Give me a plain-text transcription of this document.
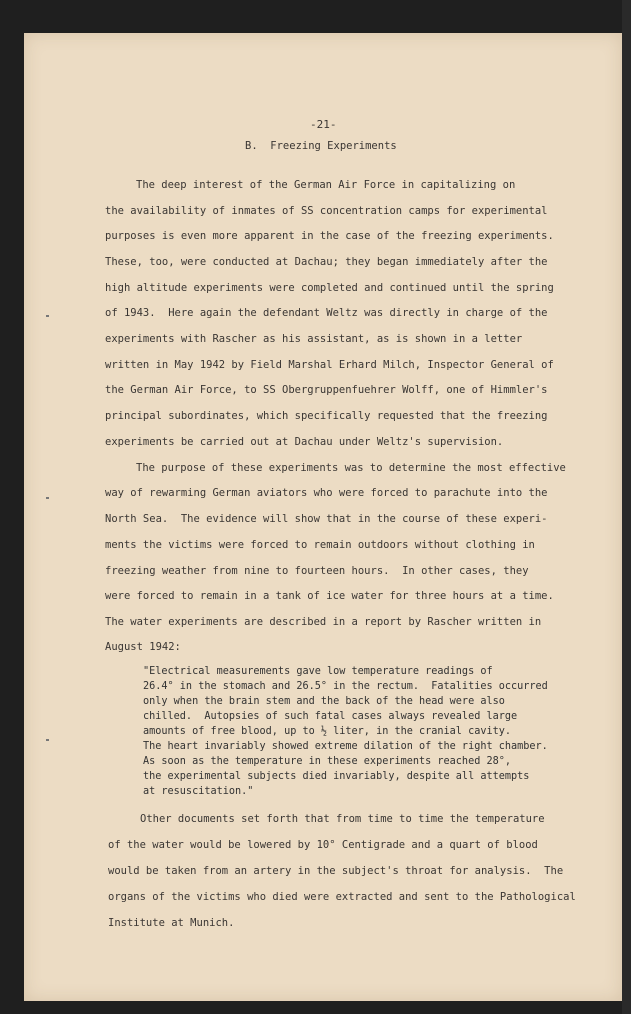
-21-
B.  Freezing Experiments
The deep interest of the German Air Force in capitalizing on
the availability of inmates of SS concentration camps for experimental
purposes is even more apparent in the case of the freezing experiments.
These, too, were conducted at Dachau; they began immediately after the
high altitude experiments were completed and continued until the spring
of 1943.  Here again the defendant Weltz was directly in charge of the
experiments with Rascher as his assistant, as is shown in a letter
written in May 1942 by Field Marshal Erhard Milch, Inspector General of
the German Air Force, to SS Obergruppenfuehrer Wolff, one of Himmler's
principal subordinates, which specifically requested that the freezing
experiments be carried out at Dachau under Weltz's supervision.
The purpose of these experiments was to determine the most effective
way of rewarming German aviators who were forced to parachute into the
North Sea.  The evidence will show that in the course of these experi-
ments the victims were forced to remain outdoors without clothing in
freezing weather from nine to fourteen hours.  In other cases, they
were forced to remain in a tank of ice water for three hours at a time.
The water experiments are described in a report by Rascher written in
August 1942:
"Electrical measurements gave low temperature readings of
26.4° in the stomach and 26.5° in the rectum.  Fatalities occurred
only when the brain stem and the back of the head were also
chilled.  Autopsies of such fatal cases always revealed large
amounts of free blood, up to ½ liter, in the cranial cavity.
The heart invariably showed extreme dilation of the right chamber.
As soon as the temperature in these experiments reached 28°,
the experimental subjects died invariably, despite all attempts
at resuscitation."
Other documents set forth that from time to time the temperature
of the water would be lowered by 10° Centigrade and a quart of blood
would be taken from an artery in the subject's throat for analysis.  The
organs of the victims who died were extracted and sent to the Pathological
Institute at Munich.
